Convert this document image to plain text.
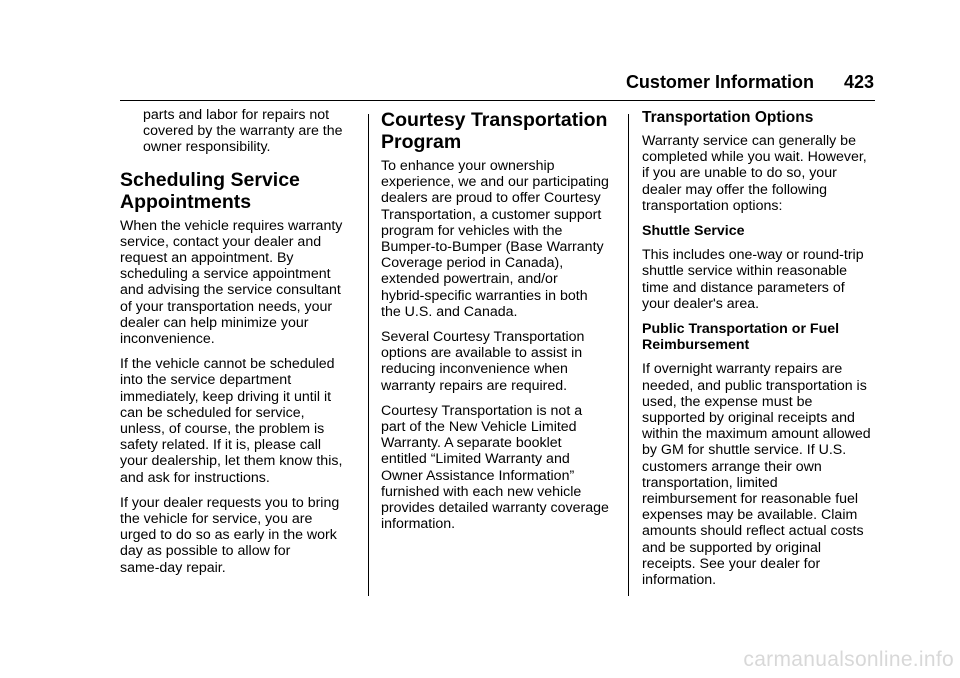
Customer Information 423

parts and labor for repairs not
covered by the warranty are the
owner responsibility.

Scheduling Service
Appointments

When the vehicle requires warranty
service, contact your dealer and
request an appointment. By
scheduling a service appointment
and advising the service consultant
of your transportation needs, your
dealer can help minimize your
inconvenience.

If the vehicle cannot be scheduled
into the service department
immediately, keep driving it until it
can be scheduled for service,
unless, of course, the problem is
safety related. If it is, please call
your dealership, let them know this,
and ask for instructions.

If your dealer requests you to bring
the vehicle for service, you are
urged to do so as early in the work
day as possible to allow for
same-day repair.

Courtesy Transportation
Program

To enhance your ownership
experience, we and our participating
dealers are proud to offer Courtesy
Transportation, a customer support
program for vehicles with the
Bumper-to-Bumper (Base Warranty
Coverage period in Canada),
extended powertrain, and/or
hybrid-specific warranties in both
the U.S. and Canada.

Several Courtesy Transportation
options are available to assist in
reducing inconvenience when
warranty repairs are required.

Courtesy Transportation is not a
part of the New Vehicle Limited
Warranty. A separate booklet
entitled “Limited Warranty and
Owner Assistance Information”
furnished with each new vehicle
provides detailed warranty coverage
information.

Transportation Options

Warranty service can generally be
completed while you wait. However,
if you are unable to do so, your
dealer may offer the following
transportation options:

Shuttle Service

This includes one-way or round-trip
shuttle service within reasonable
time and distance parameters of
your dealer's area.

Public Transportation or Fuel
Reimbursement

If overnight warranty repairs are
needed, and public transportation is
used, the expense must be
supported by original receipts and
within the maximum amount allowed
by GM for shuttle service. If U.S.
customers arrange their own
transportation, limited
reimbursement for reasonable fuel
expenses may be available. Claim
amounts should reflect actual costs
and be supported by original
receipts. See your dealer for
information.

carmanualsonline.info
